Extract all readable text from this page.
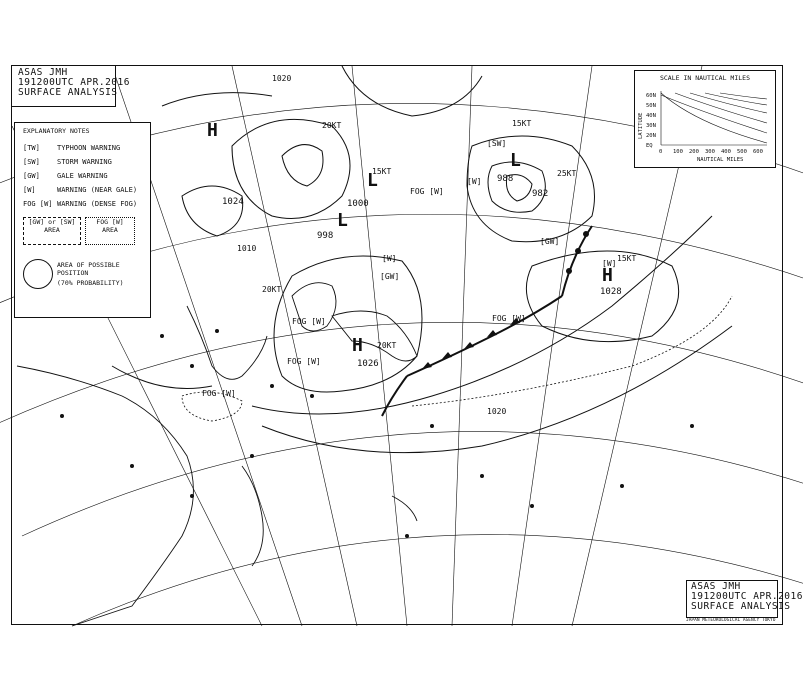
L
1000
L
998
L
988
982
H
1026
H
1028
H
1024
1020
1010
1020
FOG [W]
FOG [W]
FOG [W]
FOG [W]
FOG [W]
[GW]
[GW]
[SW]
[W]
[W]
[W]
15KT
15KT
20KT
20KT
25KT
15KT
20KT
ASAS JMH
191200UTC APR.2016
SURFACE ANALYSIS
EXPLANATORY NOTES
[TW] TYPHOON WARNING
[SW] STORM WARNING
[GW] GALE WARNING
[W]	WARNING (NEAR GALE)
FOG [W] WARNING (DENSE FOG)
[GW] or [SW]
AREA
FOG [W]
AREA
AREA OF POSSIBLE POSITION
(70% PROBABILITY)
SCALE IN NAUTICAL MILES
60N
50N
40N
30N
20N
EQ
0 100 200 300 400 500 600
NAUTICAL MILES
LATITUDE
ASAS JMH
191200UTC APR.2016
SURFACE ANALYSIS
JAPAN METEOROLOGICAL AGENCY TOKYO
